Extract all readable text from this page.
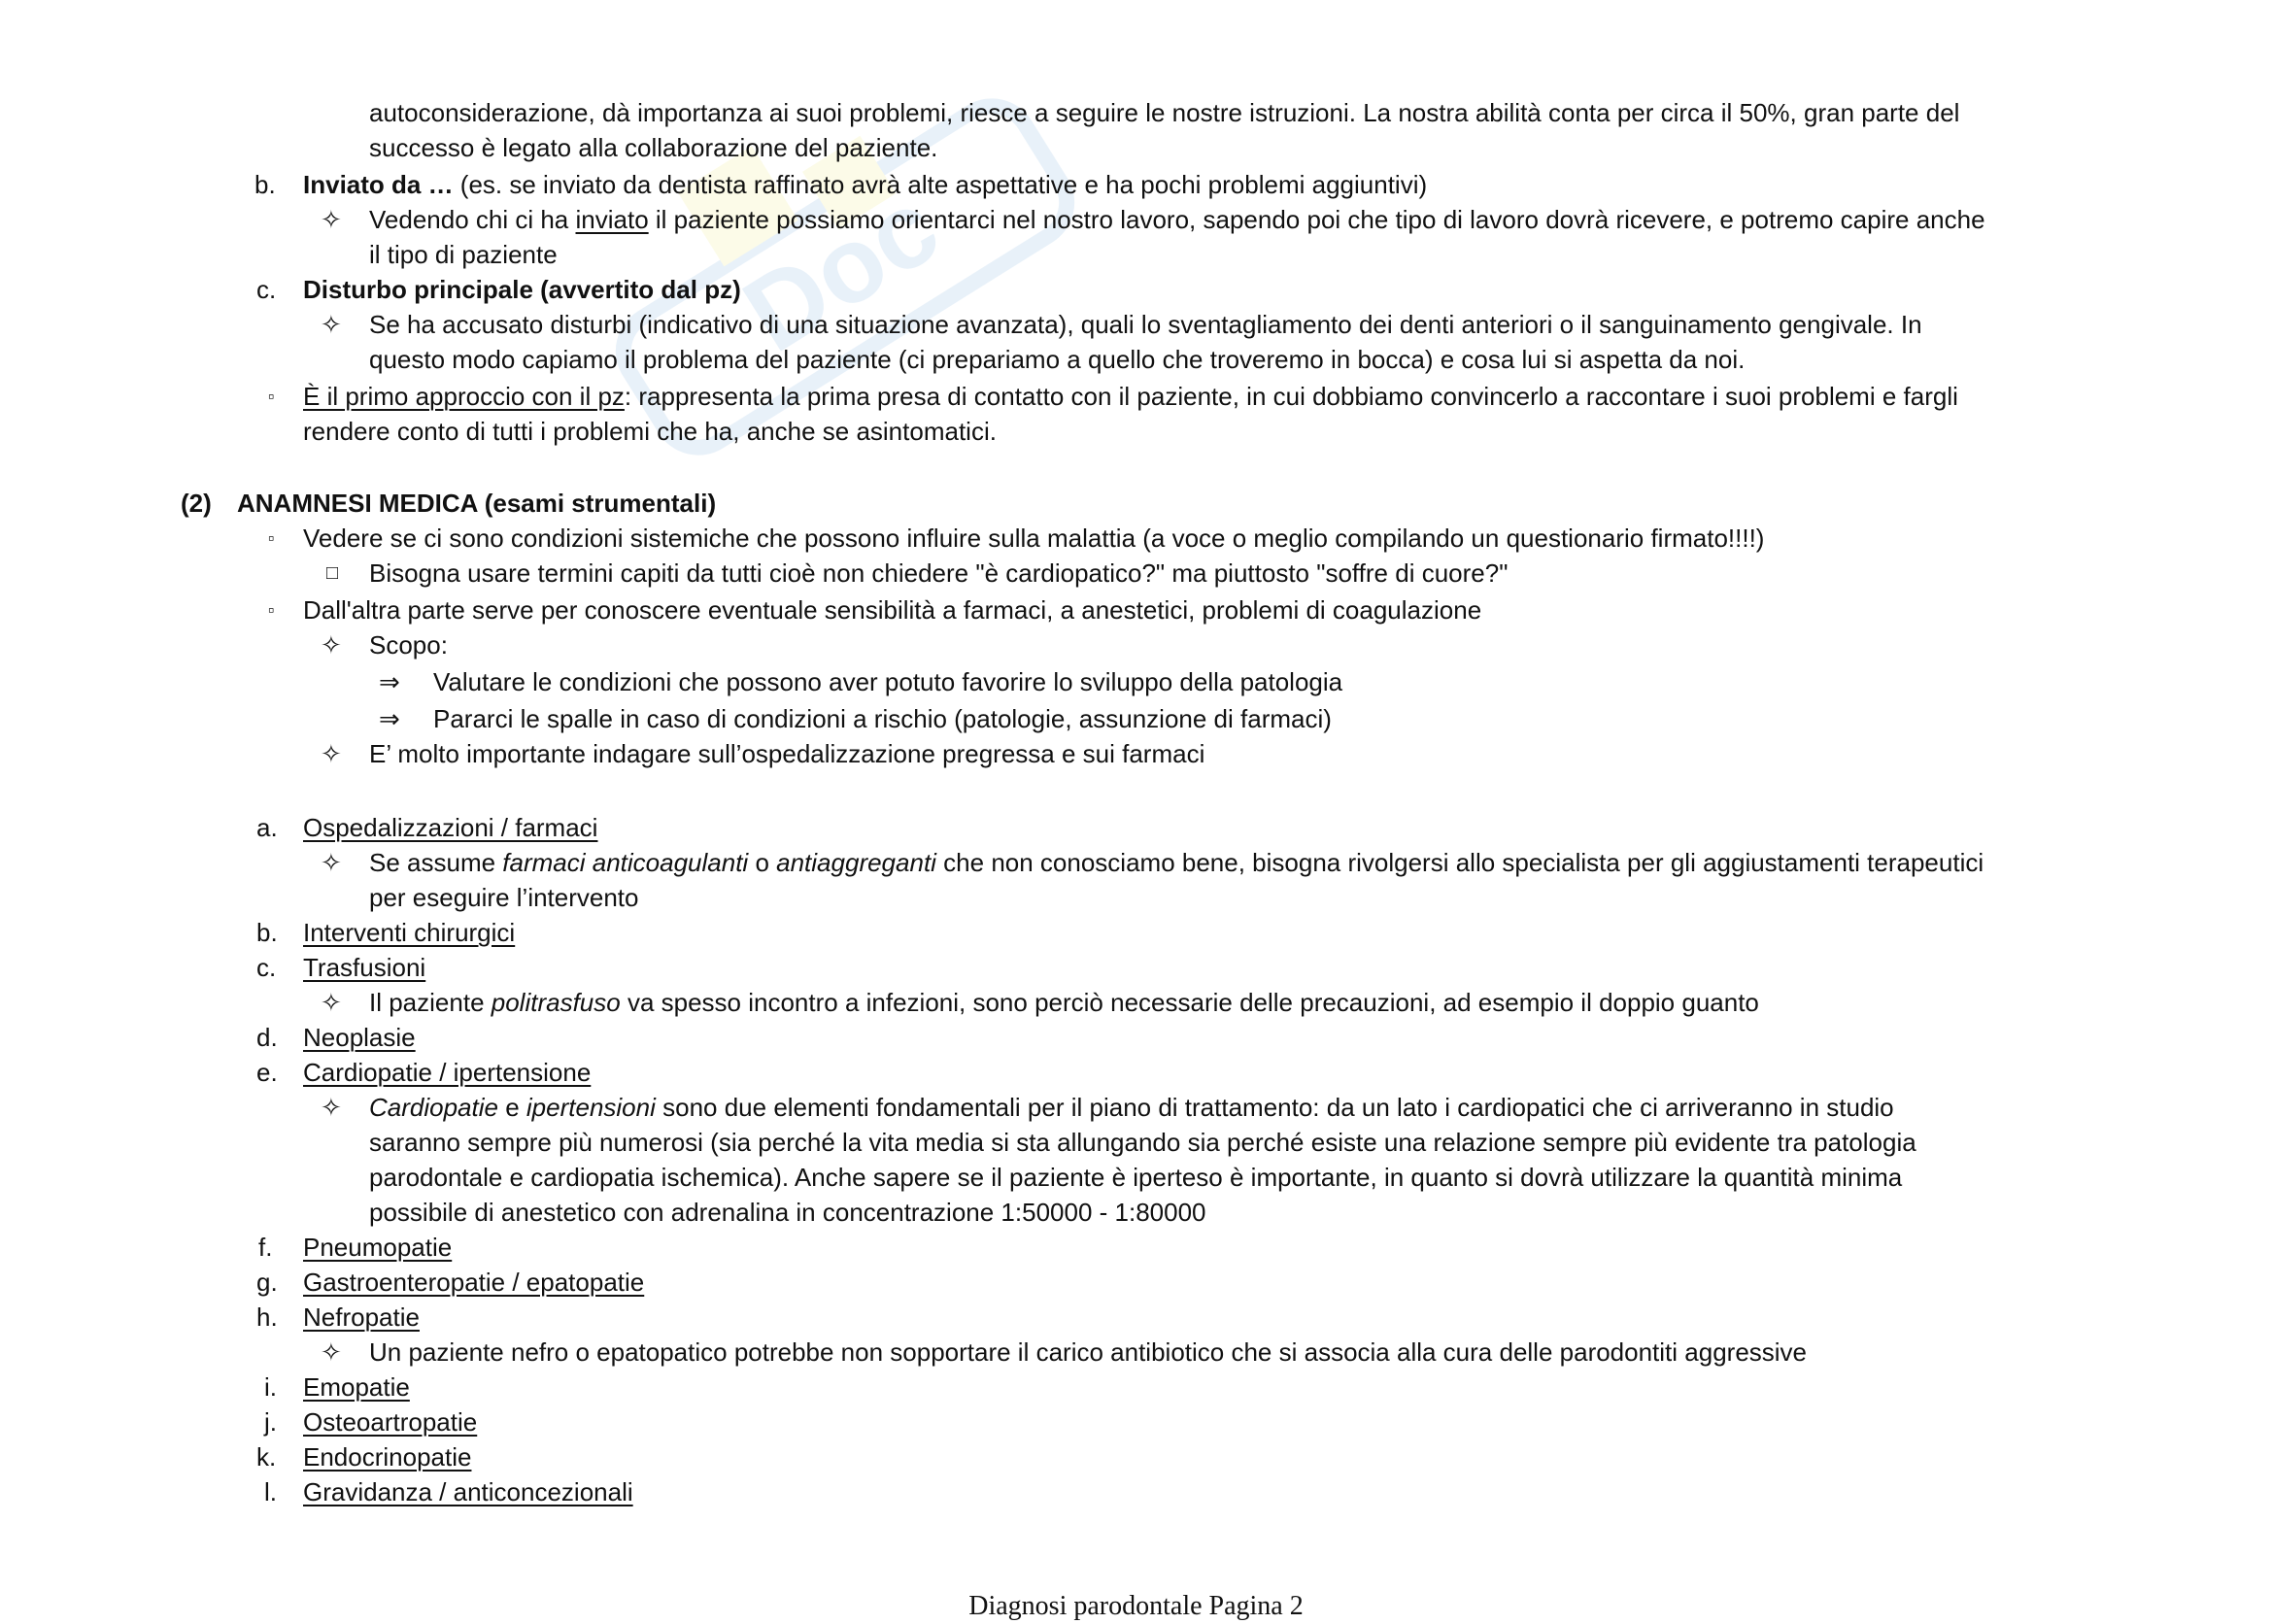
Doc
autoconsiderazione, dà importanza ai suoi problemi, riesce a seguire le nostre istruzioni. La nostra abilità conta per circa il 50%, gran parte del
successo è legato alla collaborazione del paziente.
b. Inviato da … (es. se inviato da dentista raffinato avrà alte aspettative e ha pochi problemi aggiuntivi)
✧ Vedendo chi ci ha inviato il paziente possiamo orientarci nel nostro lavoro, sapendo poi che tipo di lavoro dovrà ricevere, e potremo capire anche
il tipo di paziente
c. Disturbo principale (avvertito dal pz)
✧ Se ha accusato disturbi (indicativo di una situazione avanzata), quali lo sventagliamento dei denti anteriori o il sanguinamento gengivale. In
questo modo capiamo il problema del paziente (ci prepariamo a quello che troveremo in bocca) e cosa lui si aspetta da noi.
▫ È il primo approccio con il pz: rappresenta la prima presa di contatto con il paziente, in cui dobbiamo convincerlo a raccontare i suoi problemi e fargli
rendere conto di tutti i problemi che ha, anche se asintomatici.
(2) ANAMNESI MEDICA (esami strumentali)
▫ Vedere se ci sono condizioni sistemiche che possono influire sulla malattia (a voce o meglio compilando un questionario firmato!!!!)
□ Bisogna usare termini capiti da tutti cioè non chiedere "è cardiopatico?" ma piuttosto "soffre di cuore?"
▫ Dall'altra parte serve per conoscere eventuale sensibilità a farmaci, a anestetici, problemi di coagulazione
✧ Scopo:
⇒ Valutare le condizioni che possono aver potuto favorire lo sviluppo della patologia
⇒ Pararci le spalle in caso di condizioni a rischio (patologie, assunzione di farmaci)
✧ E’ molto importante indagare sull’ospedalizzazione pregressa e sui farmaci
a. Ospedalizzazioni / farmaci
✧ Se assume farmaci anticoagulanti o antiaggreganti che non conosciamo bene, bisogna rivolgersi allo specialista per gli aggiustamenti terapeutici
per eseguire l’intervento
b. Interventi chirurgici
c. Trasfusioni
✧ Il paziente politrasfuso va spesso incontro a infezioni, sono perciò necessarie delle precauzioni, ad esempio il doppio guanto
d. Neoplasie
e. Cardiopatie / ipertensione
✧ Cardiopatie e ipertensioni sono due elementi fondamentali per il piano di trattamento: da un lato i cardiopatici che ci arriveranno in studio
saranno sempre più numerosi (sia perché la vita media si sta allungando sia perché esiste una relazione sempre più evidente tra patologia
parodontale e cardiopatia ischemica). Anche sapere se il paziente è iperteso è importante, in quanto si dovrà utilizzare la quantità minima
possibile di anestetico con adrenalina in concentrazione 1:50000 - 1:80000
f. Pneumopatie
g. Gastroenteropatie / epatopatie
h. Nefropatie
✧ Un paziente nefro o epatopatico potrebbe non sopportare il carico antibiotico che si associa alla cura delle parodontiti aggressive
i. Emopatie
j. Osteoartropatie
k. Endocrinopatie
l. Gravidanza / anticoncezionali
Diagnosi parodontale Pagina 2
